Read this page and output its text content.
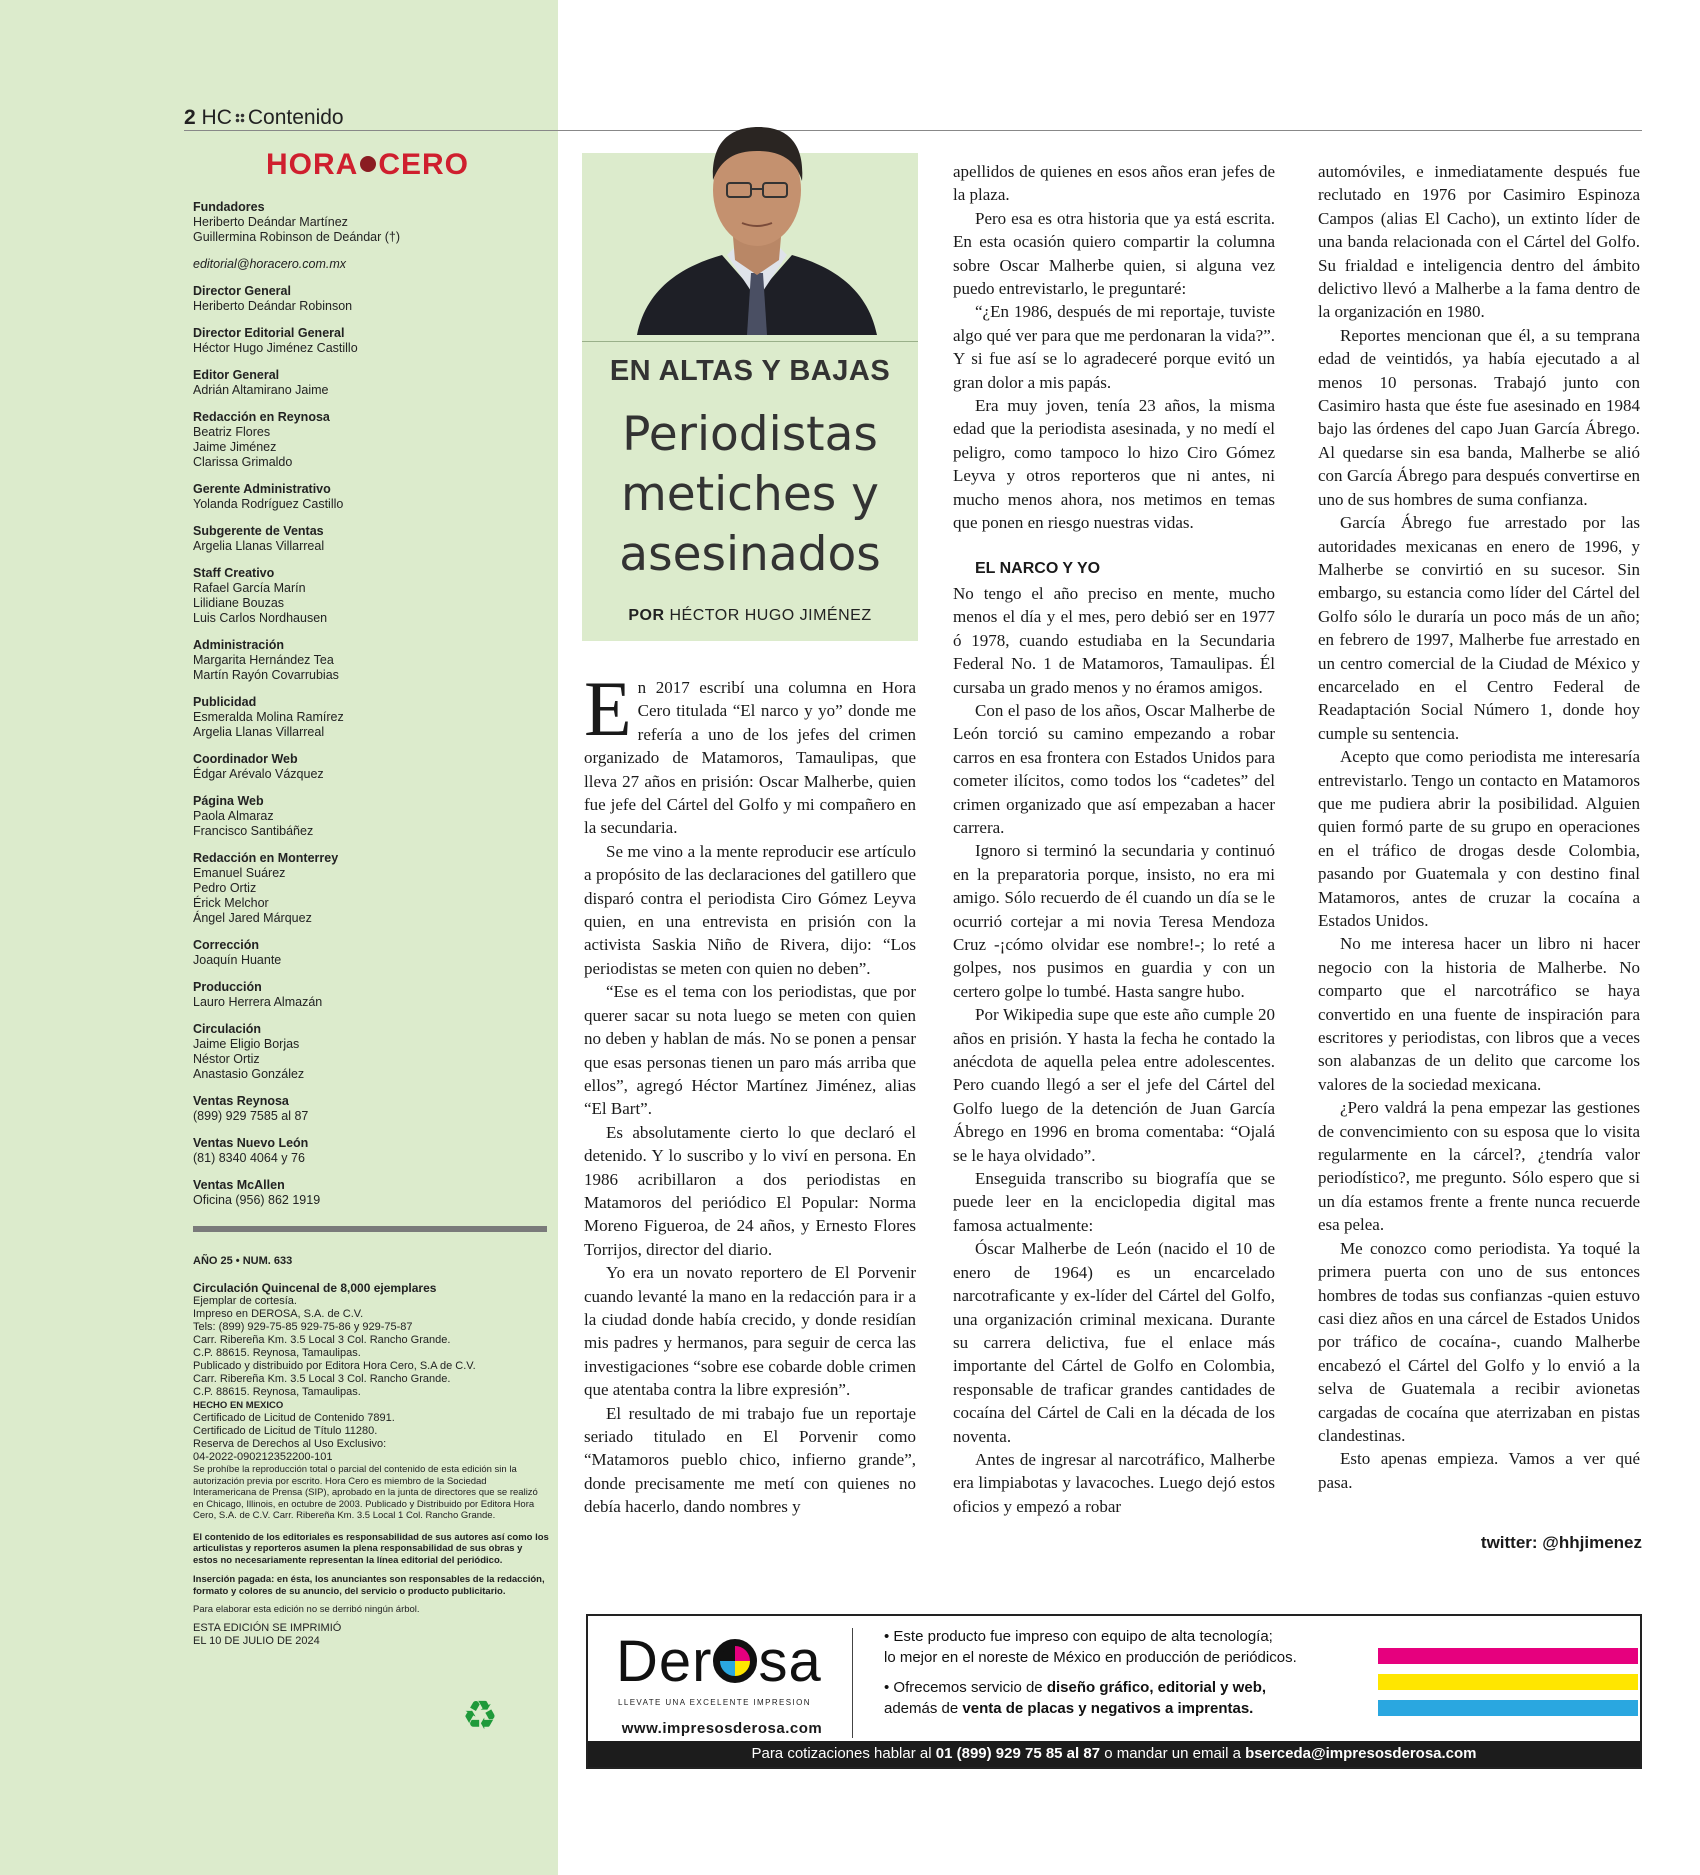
2 HC Contenido
HORA CERO
Fundadores
Heriberto Deándar Martínez
Guillermina Robinson de Deándar (†)
editorial@horacero.com.mx
Director General
Heriberto Deándar Robinson
Director Editorial General
Héctor Hugo Jiménez Castillo
Editor General
Adrián Altamirano Jaime
Redacción en Reynosa
Beatriz Flores
Jaime Jiménez
Clarissa Grimaldo
Gerente Administrativo
Yolanda Rodríguez Castillo
Subgerente de Ventas
Argelia Llanas Villarreal
Staff Creativo
Rafael García Marín
Lilidiane Bouzas
Luis Carlos Nordhausen
Administración
Margarita Hernández Tea
Martín Rayón Covarrubias
Publicidad
Esmeralda Molina Ramírez
Argelia Llanas Villarreal
Coordinador Web
Édgar Arévalo Vázquez
Página Web
Paola Almaraz
Francisco Santibáñez
Redacción en Monterrey
Emanuel Suárez
Pedro Ortiz
Érick Melchor
Ángel Jared Márquez
Corrección
Joaquín Huante
Producción
Lauro Herrera Almazán
Circulación
Jaime Eligio Borjas
Néstor Ortiz
Anastasio González
Ventas Reynosa
(899) 929 7585 al 87
Ventas Nuevo León
(81) 8340 4064 y 76
Ventas McAllen
Oficina (956) 862 1919
AÑO 25 • NUM. 633
Circulación Quincenal de 8,000 ejemplares
Ejemplar de cortesía.
Impreso en DEROSA, S.A. de C.V.
Tels: (899) 929-75-85 929-75-86 y 929-75-87
Carr. Ribereña Km. 3.5 Local 3 Col. Rancho Grande.
C.P. 88615. Reynosa, Tamaulipas.
Publicado y distribuido por Editora Hora Cero, S.A de C.V.
Carr. Ribereña Km. 3.5 Local 3 Col. Rancho Grande.
C.P. 88615. Reynosa, Tamaulipas.
HECHO EN MEXICO
Certificado de Licitud de Contenido 7891.
Certificado de Licitud de Título 11280.
Reserva de Derechos al Uso Exclusivo:
04-2022-090212352200-101
Se prohíbe la reproducción total o parcial del contenido de esta edición sin la autorización previa por escrito. Hora Cero es miembro de la Sociedad Interamericana de Prensa (SIP), aprobado en la junta de directores que se realizó en Chicago, Illinois, en octubre de 2003. Publicado y Distribuido por Editora Hora Cero, S.A. de C.V. Carr. Ribereña Km. 3.5 Local 1 Col. Rancho Grande.
El contenido de los editoriales es responsabilidad de sus autores así como los articulistas y reporteros asumen la plena responsabilidad de sus obras y estos no necesariamente representan la línea editorial del periódico.
Inserción pagada: en ésta, los anunciantes son responsables de la redacción, formato y colores de su anuncio, del servicio o producto publicitario.
Para elaborar esta edición no se derribó ningún árbol.
ESTA EDICIÓN SE IMPRIMIÓ
EL 10 DE JULIO DE 2024
♻
EN ALTAS Y BAJAS
Periodistas
metiches y
asesinados
POR HÉCTOR HUGO JIMÉNEZ

En 2017 escribí una columna en Hora Cero titulada “El narco y yo” donde me refería a uno de los jefes del crimen organizado de Matamoros, Tamaulipas, que lleva 27 años en prisión: Oscar Malherbe, quien fue jefe del Cártel del Golfo y mi compañero en la secundaria.

Se me vino a la mente reproducir ese artículo a propósito de las declaraciones del gatillero que disparó contra el periodista Ciro Gómez Leyva quien, en una entrevista en prisión con la activista Saskia Niño de Rivera, dijo: “Los periodistas se meten con quien no deben”.

“Ese es el tema con los periodistas, que por querer sacar su nota luego se meten con quien no deben y hablan de más. No se ponen a pensar que esas personas tienen un paro más arriba que ellos”, agregó Héctor Martínez Jiménez, alias “El Bart”.

Es absolutamente cierto lo que declaró el detenido. Y lo suscribo y lo viví en persona. En 1986 acribillaron a dos periodistas en Matamoros del periódico El Popular: Norma Moreno Figueroa, de 24 años, y Ernesto Flores Torrijos, director del diario.

Yo era un novato reportero de El Porvenir cuando levanté la mano en la redacción para ir a la ciudad donde había crecido, y donde residían mis padres y hermanos, para seguir de cerca las investigaciones “sobre ese cobarde doble crimen que atentaba contra la libre expresión”.

El resultado de mi trabajo fue un reportaje seriado titulado en El Porvenir como “Matamoros pueblo chico, infierno grande”, donde precisamente me metí con quienes no debía hacerlo, dando nombres y

apellidos de quienes en esos años eran jefes de la plaza.

Pero esa es otra historia que ya está escrita. En esta ocasión quiero compartir la columna sobre Oscar Malherbe quien, si alguna vez puedo entrevistarlo, le preguntaré:

“¿En 1986, después de mi reportaje, tuviste algo qué ver para que me perdonaran la vida?”. Y si fue así se lo agradeceré porque evitó un gran dolor a mis papás.

Era muy joven, tenía 23 años, la misma edad que la periodista asesinada, y no medí el peligro, como tampoco lo hizo Ciro Gómez Leyva y otros reporteros que ni antes, ni mucho menos ahora, nos metimos en temas que ponen en riesgo nuestras vidas.

EL NARCO Y YO

No tengo el año preciso en mente, mucho menos el día y el mes, pero debió ser en 1977 ó 1978, cuando estudiaba en la Secundaria Federal No. 1 de Matamoros, Tamaulipas. Él cursaba un grado menos y no éramos amigos.

Con el paso de los años, Oscar Malherbe de León torció su camino empezando a robar carros en esa frontera con Estados Unidos para cometer ilícitos, como todos los “cadetes” del crimen organizado que así empezaban a hacer carrera.

Ignoro si terminó la secundaria y continuó en la preparatoria porque, insisto, no era mi amigo. Sólo recuerdo de él cuando un día se le ocurrió cortejar a mi novia Teresa Mendoza Cruz -¡cómo olvidar ese nombre!-; lo reté a golpes, nos pusimos en guardia y con un certero golpe lo tumbé. Hasta sangre hubo.

Por Wikipedia supe que este año cumple 20 años en prisión. Y hasta la fecha he contado la anécdota de aquella pelea entre adolescentes. Pero cuando llegó a ser el jefe del Cártel del Golfo luego de la detención de Juan García Ábrego en 1996 en broma comentaba: “Ojalá se le haya olvidado”.

Enseguida transcribo su biografía que se puede leer en la enciclopedia digital mas famosa actualmente:

Óscar Malherbe de León (nacido el 10 de enero de 1964) es un encarcelado narcotraficante y ex-líder del Cártel del Golfo, una organización criminal mexicana. Durante su carrera delictiva, fue el enlace más importante del Cártel de Golfo en Colombia, responsable de traficar grandes cantidades de cocaína del Cártel de Cali en la década de los noventa.

Antes de ingresar al narcotráfico, Malherbe era limpiabotas y lavacoches. Luego dejó estos oficios y empezó a robar

automóviles, e inmediatamente después fue reclutado en 1976 por Casimiro Espinoza Campos (alias El Cacho), un extinto líder de una banda relacionada con el Cártel del Golfo. Su frialdad e inteligencia dentro del ámbito delictivo llevó a Malherbe a la fama dentro de la organización en 1980.

Reportes mencionan que él, a su temprana edad de veintidós, ya había ejecutado a al menos 10 personas. Trabajó junto con Casimiro hasta que éste fue asesinado en 1984 bajo las órdenes del capo Juan García Ábrego. Al quedarse sin esa banda, Malherbe se alió con García Ábrego para después convertirse en uno de sus hombres de suma confianza.

García Ábrego fue arrestado por las autoridades mexicanas en enero de 1996, y Malherbe se convirtió en su sucesor. Sin embargo, su estancia como líder del Cártel del Golfo sólo le duraría un poco más de un año; en febrero de 1997, Malherbe fue arrestado en un centro comercial de la Ciudad de México y encarcelado en el Centro Federal de Readaptación Social Número 1, donde hoy cumple su sentencia.

Acepto que como periodista me interesaría entrevistarlo. Tengo un contacto en Matamoros que me pudiera abrir la posibilidad. Alguien quien formó parte de su grupo en operaciones en el tráfico de drogas desde Colombia, pasando por Guatemala y con destino final Matamoros, antes de cruzar la cocaína a Estados Unidos.

No me interesa hacer un libro ni hacer negocio con la historia de Malherbe. No comparto que el narcotráfico se haya convertido en una fuente de inspiración para escritores y periodistas, con libros que a veces son alabanzas de un delito que carcome los valores de la sociedad mexicana.

¿Pero valdrá la pena empezar las gestiones de convencimiento con su esposa que lo visita regularmente en la cárcel?, ¿tendría valor periodístico?, me pregunto. Sólo espero que si un día estamos frente a frente nunca recuerde esa pelea.

Me conozco como periodista. Ya toqué la primera puerta con uno de sus entonces hombres de todas sus confianzas -quien estuvo casi diez años en una cárcel de Estados Unidos por tráfico de cocaína-, cuando Malherbe encabezó el Cártel del Golfo y lo envió a la selva de Guatemala a recibir avionetas cargadas de cocaína que aterrizaban en pistas clandestinas.

Esto apenas empieza. Vamos a ver qué pasa.

twitter: @hhjimenez
Der sa
LLEVATE UNA EXCELENTE IMPRESION
www.impresosderosa.com
• Este producto fue impreso con equipo de alta tecnología;
lo mejor en el noreste de México en producción de periódicos.
• Ofrecemos servicio de diseño gráfico, editorial y web,
además de venta de placas y negativos a imprentas.
Para cotizaciones hablar al 01 (899) 929 75 85 al 87 o mandar un email a bserceda@impresosderosa.com
